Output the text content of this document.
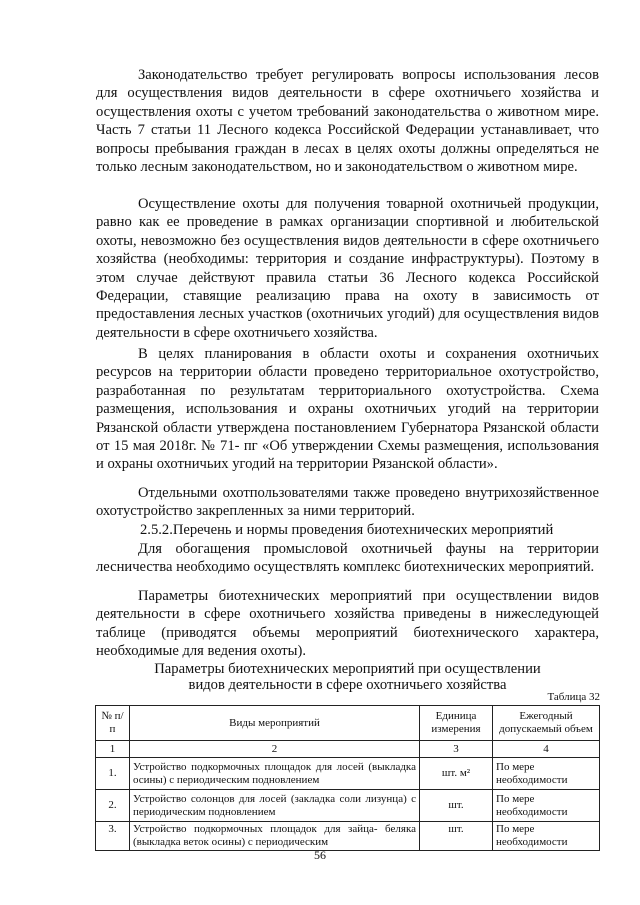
Законодательство требует регулировать вопросы использования лесов для осуществления видов деятельности в сфере охотничьего хозяйства и осуществления охоты с учетом требований законодательства о животном мире. Часть 7 статьи 11 Лесного кодекса Российской Федерации устанавливает, что вопросы пребывания граждан в лесах в целях охоты должны определяться не только лесным законодательством, но и законодательством о животном мире.

Осуществление охоты для получения товарной охотничьей продукции, равно как ее проведение в рамках организации спортивной и любительской охоты, невозможно без осуществления видов деятельности в сфере охотничьего хозяйства (необходимы: территория и создание инфраструктуры). Поэтому в этом случае действуют правила статьи 36 Лесного кодекса Российской Федерации, ставящие реализацию права на охоту в зависимость от предоставления лесных участков (охотничьих угодий) для осуществления видов деятельности в сфере охотничьего хозяйства.

В целях планирования в области охоты и сохранения охотничьих ресурсов на территории области проведено территориальное охотустройство, разработанная по результатам территориального охотустройства. Схема размещения, использования и охраны охотничьих угодий на территории Рязанской области утверждена постановлением Губернатора Рязанской области от 15 мая 2018г. № 71- пг «Об утверждении Схемы размещения, использования и охраны охотничьих угодий на территории Рязанской области».

Отдельными охотпользователями также проведено внутрихозяйственное охотустройство закрепленных за ними территорий.

2.5.2.Перечень и нормы проведения биотехнических мероприятий

Для обогащения промысловой охотничьей фауны на территории лесничества необходимо осуществлять комплекс биотехнических мероприятий.

Параметры биотехнических мероприятий при осуществлении видов деятельности в сфере охотничьего хозяйства приведены в нижеследующей таблице (приводятся объемы мероприятий биотехнического характера, необходимые для ведения охоты).

Параметры биотехнических мероприятий при осуществлении
видов деятельности в сфере охотничьего хозяйства
Таблица 32
№ п/п	Виды мероприятий	Единица измерения	Ежегодный допускаемый объем
1	2	3	4
1.	Устройство подкормочных площадок для лосей (выкладка осины) с периодическим подновлением	шт. м²	По мере необходимости
2.	Устройство солонцов для лосей (закладка соли лизунца) с периодическим подновлением	шт.	По мере необходимости
3.	Устройство подкормочных площадок для зайца- беляка (выкладка веток осины) с периодическим	шт.	По мере необходимости
56
